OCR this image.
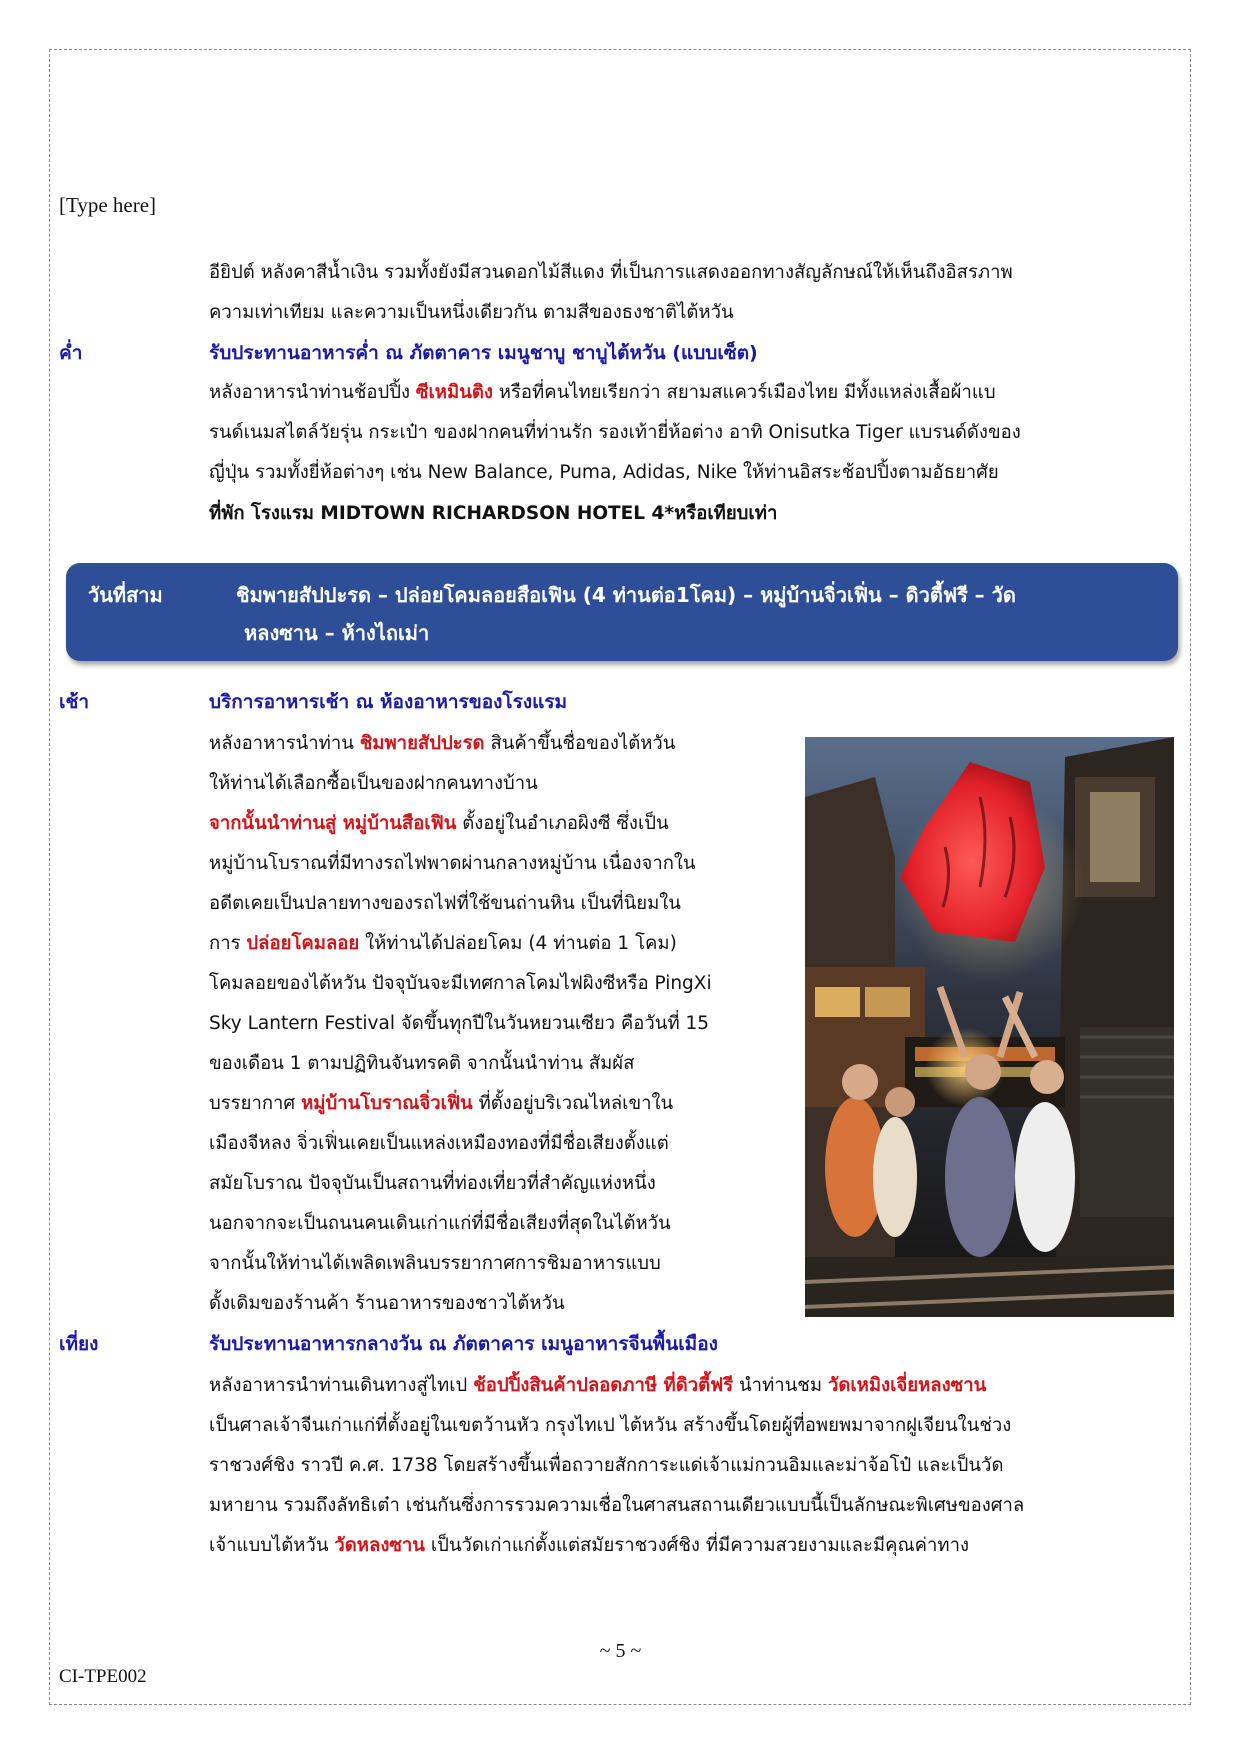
[Type here]
อียิปต์ หลังคาสีน้ำเงิน รวมทั้งยังมีสวนดอกไม้สีแดง ที่เป็นการแสดงออกทางสัญลักษณ์ให้เห็นถึงอิสรภาพ
ความเท่าเทียม และความเป็นหนึ่งเดียวกัน ตามสีของธงชาติไต้หวัน
ค่ำ	รับประทานอาหารค่ำ ณ ภัตตาคาร เมนูชาบู ชาบูไต้หวัน (แบบเซ็ต)
หลังอาหารนำท่านช้อปปิ้ง ซีเหมินติง หรือที่คนไทยเรียกว่า สยามสแควร์เมืองไทย มีทั้งแหล่งเสื้อผ้าแบ
รนด์เนมสไตล์วัยรุ่น กระเป๋า ของฝากคนที่ท่านรัก รองเท้ายี่ห้อต่าง อาทิ Onisutka Tiger แบรนด์ดังของ
ญี่ปุ่น รวมทั้งยี่ห้อต่างๆ เช่น New Balance, Puma, Adidas, Nike ให้ท่านอิสระช้อปปิ้งตามอัธยาศัย
ที่พัก โรงแรม MIDTOWN RICHARDSON HOTEL 4*หรือเทียบเท่า
วันที่สาม	ชิมพายสัปปะรด – ปล่อยโคมลอยสือเฟิน (4 ท่านต่อ1โคม) – หมู่บ้านจิ่วเฟิ่น – ดิวตี้ฟรี – วัด
หลงซาน – ห้างไถเม่า
เช้า	บริการอาหารเช้า ณ ห้องอาหารของโรงแรม
หลังอาหารนำท่าน ชิมพายสัปปะรด สินค้าขึ้นชื่อของไต้หวัน
ให้ท่านได้เลือกซื้อเป็นของฝากคนทางบ้าน
จากนั้นนำท่านสู่ หมู่บ้านสือเฟิน ตั้งอยู่ในอำเภอผิงซี ซึ่งเป็น
หมู่บ้านโบราณที่มีทางรถไฟพาดผ่านกลางหมู่บ้าน เนื่องจากใน
อดีตเคยเป็นปลายทางของรถไฟที่ใช้ขนถ่านหิน เป็นที่นิยมใน
การ ปล่อยโคมลอย ให้ท่านได้ปล่อยโคม (4 ท่านต่อ 1 โคม)
โคมลอยของไต้หวัน ปัจจุบันจะมีเทศกาลโคมไฟผิงซีหรือ PingXi
Sky Lantern Festival จัดขึ้นทุกปีในวันหยวนเซียว คือวันที่ 15
ของเดือน 1 ตามปฏิทินจันทรคติ จากนั้นนำท่าน สัมผัส
บรรยากาศ หมู่บ้านโบราณจิ่วเฟิ่น ที่ตั้งอยู่บริเวณไหล่เขาใน
เมืองจีหลง จิ่วเฟิ่นเคยเป็นแหล่งเหมืองทองที่มีชื่อเสียงตั้งแต่
สมัยโบราณ ปัจจุบันเป็นสถานที่ท่องเที่ยวที่สำคัญแห่งหนึ่ง
นอกจากจะเป็นถนนคนเดินเก่าแก่ที่มีชื่อเสียงที่สุดในไต้หวัน
จากนั้นให้ท่านได้เพลิดเพลินบรรยากาศการชิมอาหารแบบ
ดั้งเดิมของร้านค้า ร้านอาหารของชาวไต้หวัน
เที่ยง	รับประทานอาหารกลางวัน ณ ภัตตาคาร เมนูอาหารจีนพื้นเมือง
หลังอาหารนำท่านเดินทางสู่ไทเป ช้อปปิ้งสินค้าปลอดภาษี ที่ดิวตี้ฟรี นำท่านชม วัดเหมิงเจี่ยหลงซาน
เป็นศาลเจ้าจีนเก่าแก่ที่ตั้งอยู่ในเขตว้านหัว กรุงไทเป ไต้หวัน สร้างขึ้นโดยผู้ที่อพยพมาจากฝูเจียนในช่วง
ราชวงศ์ชิง ราวปี ค.ศ. 1738 โดยสร้างขึ้นเพื่อถวายสักการะแด่เจ้าแม่กวนอิมและม่าจ้อโป๋ และเป็นวัด
มหายาน รวมถึงลัทธิเต๋า เช่นกันซึ่งการรวมความเชื่อในศาสนสถานเดียวแบบนี้เป็นลักษณะพิเศษของศาล
เจ้าแบบไต้หวัน วัดหลงซาน เป็นวัดเก่าแก่ตั้งแต่สมัยราชวงศ์ชิง ที่มีความสวยงามและมีคุณค่าทาง
~ 5 ~
CI-TPE002
